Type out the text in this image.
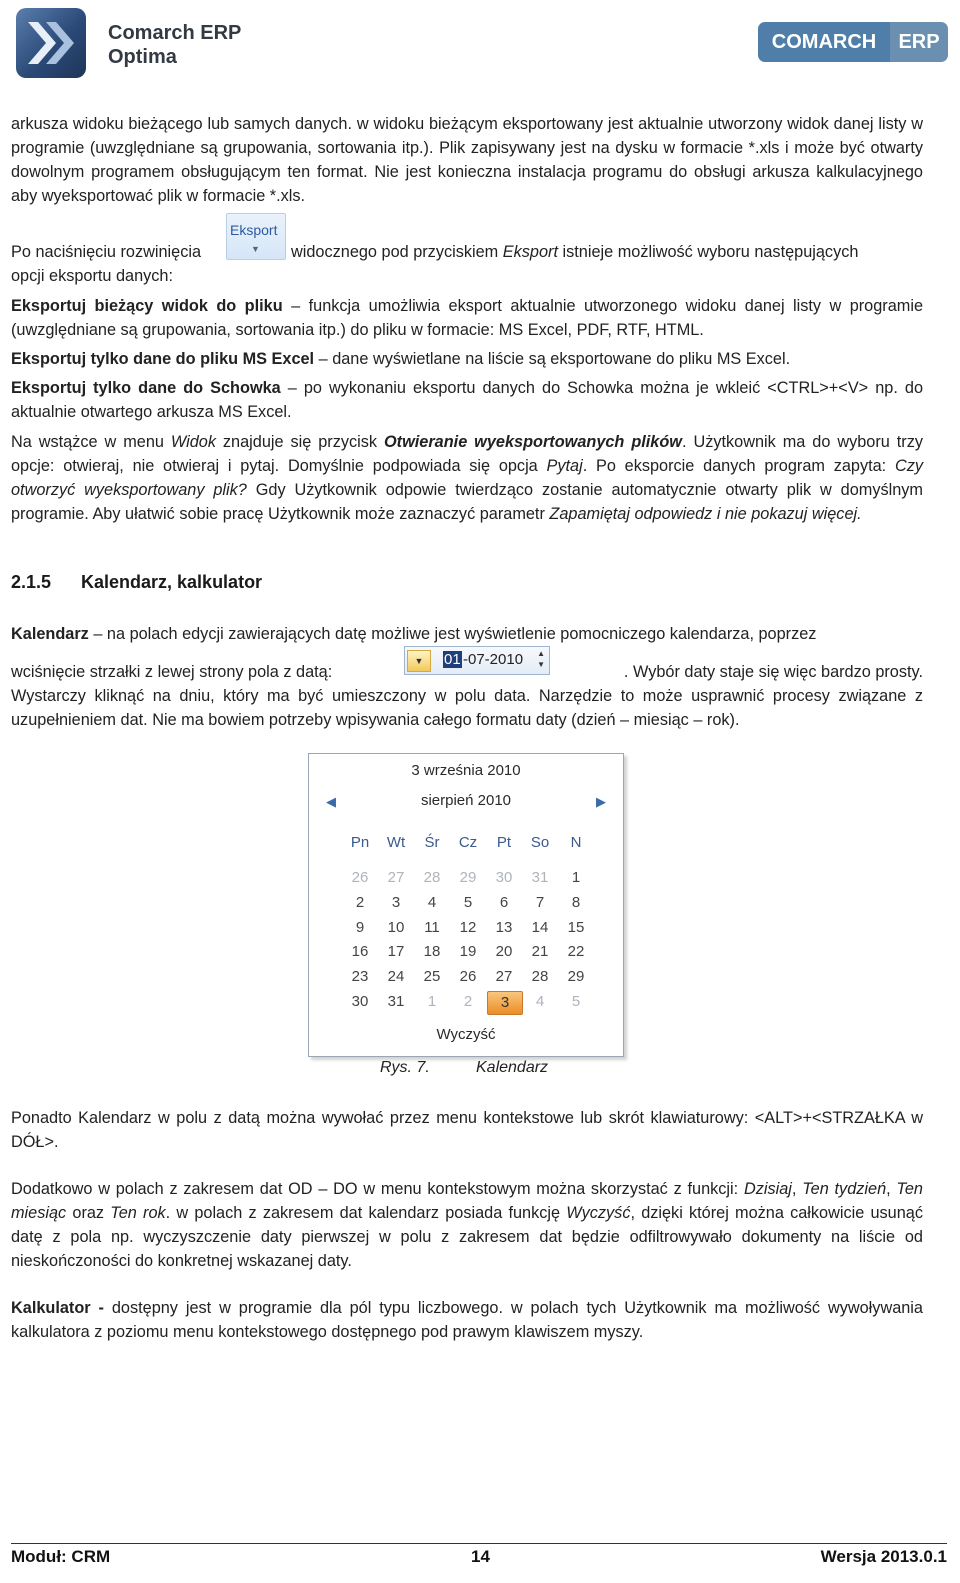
Comarch ERP
Optima
COMARCH	ERP
arkusza widoku bieżącego lub samych danych. w widoku bieżącym eksportowany jest aktualnie utworzony widok danej listy w programie (uwzględniane są grupowania, sortowania itp.). Plik zapisywany jest na dysku w formacie *.xls i może być otwarty dowolnym programem obsługującym ten format. Nie jest konieczna instalacja programu do obsługi arkusza kalkulacyjnego aby wyeksportować plik w formacie *.xls.
Eksport
▼
Po naciśnięciu rozwinięcia	widocznego pod przyciskiem Eksport istnieje możliwość wyboru następujących
opcji eksportu danych:
Eksportuj bieżący widok do pliku – funkcja umożliwia eksport aktualnie utworzonego widoku danej listy w programie (uwzględniane są grupowania, sortowania itp.) do pliku w formacie: MS Excel, PDF, RTF, HTML.
Eksportuj tylko dane do pliku MS Excel – dane wyświetlane na liście są eksportowane do pliku MS Excel.
Eksportuj tylko dane do Schowka – po wykonaniu eksportu danych do Schowka można je wkleić <CTRL>+<V> np. do aktualnie otwartego arkusza MS Excel.
Na wstążce w menu Widok znajduje się przycisk Otwieranie wyeksportowanych plików. Użytkownik ma do wyboru trzy opcje: otwieraj, nie otwieraj i pytaj. Domyślnie podpowiada się opcja Pytaj. Po eksporcie danych program zapyta: Czy otworzyć wyeksportowany plik? Gdy Użytkownik odpowie twierdząco zostanie automatycznie otwarty plik w domyślnym programie. Aby ułatwić sobie pracę Użytkownik może zaznaczyć parametr Zapamiętaj odpowiedz i nie pokazuj więcej.
2.1.5 Kalendarz, kalkulator
Kalendarz – na polach edycji zawierających datę możliwe jest wyświetlenie pomocniczego kalendarza, poprzez
wciśnięcie strzałki z lewej strony pola z datą:
▼	01 -07-2010 ▲
▼	. Wybór daty staje się więc bardzo prosty.
Wystarczy kliknąć na dniu, który ma być umieszczony w polu data. Narzędzie to może usprawnić procesy związane z uzupełnieniem dat. Nie ma bowiem potrzeby wpisywania całego formatu daty (dzień – miesiąc – rok).
3 września 2010
◀	sierpień 2010	▶
Pn	Wt	Śr	Cz	Pt	So	N
26	27	28	29	30	31	1
2	3	4	5	6	7	8
9	10	11	12	13	14	15
16	17	18	19	20	21	22
23	24	25	26	27	28	29
30	31	1	2	3	4	5
Wyczyść
Rys. 7.	Kalendarz
Ponadto Kalendarz w polu z datą można wywołać przez menu kontekstowe lub skrót klawiaturowy: <ALT>+<STRZAŁKA w DÓŁ>.
Dodatkowo w polach z zakresem dat OD – DO w menu kontekstowym można skorzystać z funkcji: Dzisiaj, Ten tydzień, Ten miesiąc oraz Ten rok. w polach z zakresem dat kalendarz posiada funkcję Wyczyść, dzięki której można całkowicie usunąć datę z pola np. wyczyszczenie daty pierwszej w polu z zakresem dat będzie odfiltrowywało dokumenty na liście od nieskończoności do konkretnej wskazanej daty.
Kalkulator - dostępny jest w programie dla pól typu liczbowego. w polach tych Użytkownik ma możliwość wywoływania kalkulatora z poziomu menu kontekstowego dostępnego pod prawym klawiszem myszy.
Moduł: CRM	14	Wersja 2013.0.1
